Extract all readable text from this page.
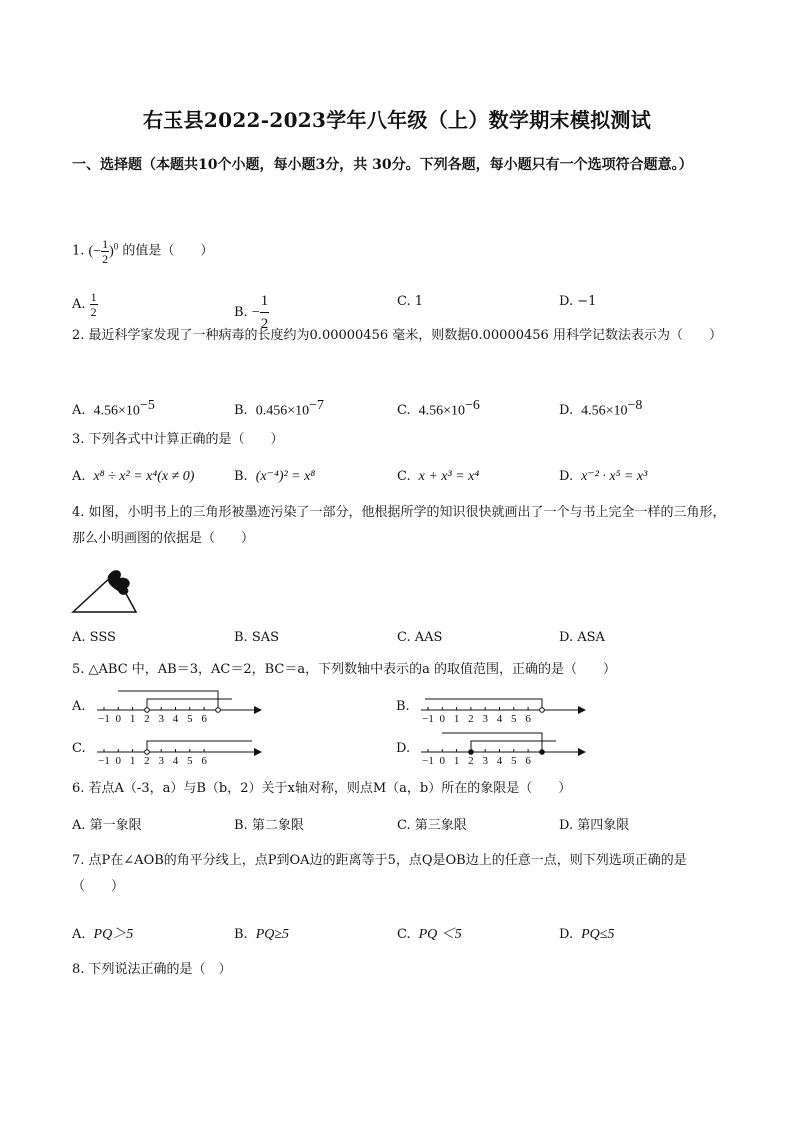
右玉县2022-2023学年八年级（上）数学期末模拟测试
一、选择题（本题共10个小题，每小题3分，共 30分。下列各题，每小题只有一个选项符合题意。）
1. (− $\frac{1}{2} )^0$ 的值是（　　）
A. $\frac{1}{2}$	B. − $\frac{1}{2}$	C. 1	D. −1
2. 最近科学家发现了一种病毒的长度约为0.00000456 毫米，则数据0.00000456 用科学记数法表示为（　　）
A. $4.56\times 10^{-5}$	B. $0.456\times 10^{-7}$	C. $4.56\times 10^{-6}$	D. $4.56\times 10^{-8}$
3. 下列各式中计算正确的是（　　）
A. x⁸ ÷ x² = x⁴(x ≠ 0)	B. (x⁻⁴)² = x⁸	C. x + x³ = x⁴	D. x⁻² · x⁵ = x³
4. 如图，小明书上的三角形被墨迹污染了一部分，他根据所学的知识很快就画出了一个与书上完全一样的三角形，那么小明画图的依据是（　　）
A. SSS	B. SAS	C. AAS	D. ASA
5. △ABC 中，AB＝3，AC＝2，BC＝a，下列数轴中表示的a 的取值范围，正确的是（　　）
A.
−1 0 1 2 3 4 5 6
B.
−1 0 1 2 3 4 5 6
C.
−1 0 1 2 3 4 5 6
D.
−1 0 1 2 3 4 5 6
6. 若点A（-3，a）与B（b，2）关于x轴对称，则点M（a，b）所在的象限是（　　）
A. 第一象限	B. 第二象限	C. 第三象限	D. 第四象限
7. 点P在∠AOB的角平分线上，点P到OA边的距离等于5，点Q是OB边上的任意一点，则下列选项正确的是（　　）
A. PQ＞5	B. PQ≥5	C. PQ ＜5	D. PQ≤5
8. 下列说法正确的是（　）
